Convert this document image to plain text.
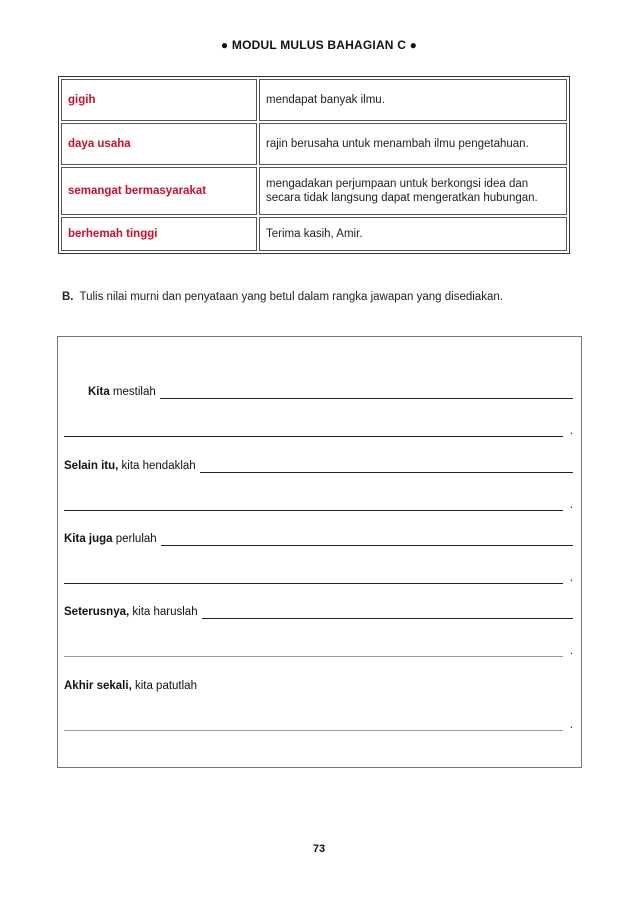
● MODUL MULUS BAHAGIAN C ●
gigih	mendapat banyak ilmu.
daya usaha	rajin berusaha untuk menambah ilmu pengetahuan.
semangat bermasyarakat	mengadakan perjumpaan untuk berkongsi idea dan secara tidak langsung dapat mengeratkan hubungan.
berhemah tinggi	Terima kasih, Amir.
B. Tulis nilai murni dan penyataan yang betul dalam rangka jawapan yang disediakan.
Kita mestilah
.
Selain itu, kita hendaklah
.
Kita juga perlulah
.
Seterusnya, kita haruslah
.
Akhir sekali, kita patutlah
.
73
